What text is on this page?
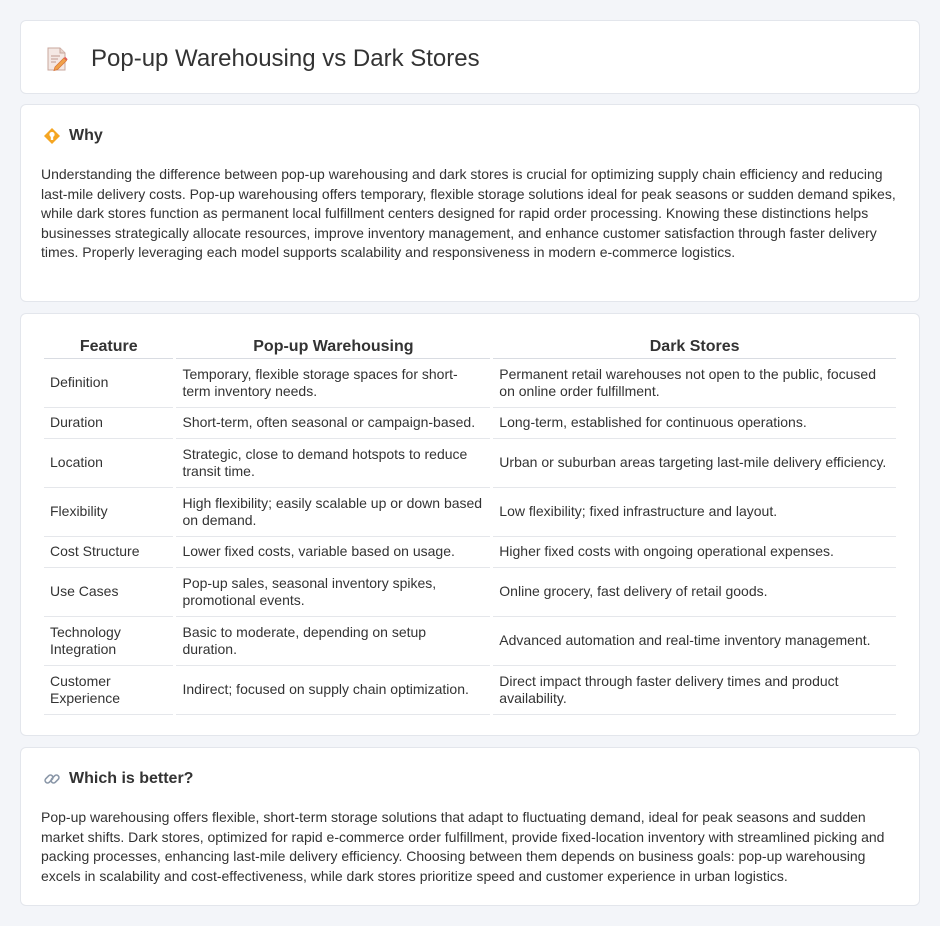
Pop-up Warehousing vs Dark Stores
Why

Understanding the difference between pop-up warehousing and dark stores is crucial for optimizing supply chain efficiency and reducing last-mile delivery costs. Pop-up warehousing offers temporary, flexible storage solutions ideal for peak seasons or sudden demand spikes, while dark stores function as permanent local fulfillment centers designed for rapid order processing. Knowing these distinctions helps businesses strategically allocate resources, improve inventory management, and enhance customer satisfaction through faster delivery times. Properly leveraging each model supports scalability and responsiveness in modern e-commerce logistics.

Feature	Pop-up Warehousing	Dark Stores
Definition	Temporary, flexible storage spaces for short-term inventory needs.	Permanent retail warehouses not open to the public, focused on online order fulfillment.
Duration	Short-term, often seasonal or campaign-based.	Long-term, established for continuous operations.
Location	Strategic, close to demand hotspots to reduce transit time.	Urban or suburban areas targeting last-mile delivery efficiency.
Flexibility	High flexibility; easily scalable up or down based on demand.	Low flexibility; fixed infrastructure and layout.
Cost Structure	Lower fixed costs, variable based on usage.	Higher fixed costs with ongoing operational expenses.
Use Cases	Pop-up sales, seasonal inventory spikes, promotional events.	Online grocery, fast delivery of retail goods.
Technology Integration	Basic to moderate, depending on setup duration.	Advanced automation and real-time inventory management.
Customer Experience	Indirect; focused on supply chain optimization.	Direct impact through faster delivery times and product availability.
Which is better?

Pop-up warehousing offers flexible, short-term storage solutions that adapt to fluctuating demand, ideal for peak seasons and sudden market shifts. Dark stores, optimized for rapid e-commerce order fulfillment, provide fixed-location inventory with streamlined picking and packing processes, enhancing last-mile delivery efficiency. Choosing between them depends on business goals: pop-up warehousing excels in scalability and cost-effectiveness, while dark stores prioritize speed and customer experience in urban logistics.
